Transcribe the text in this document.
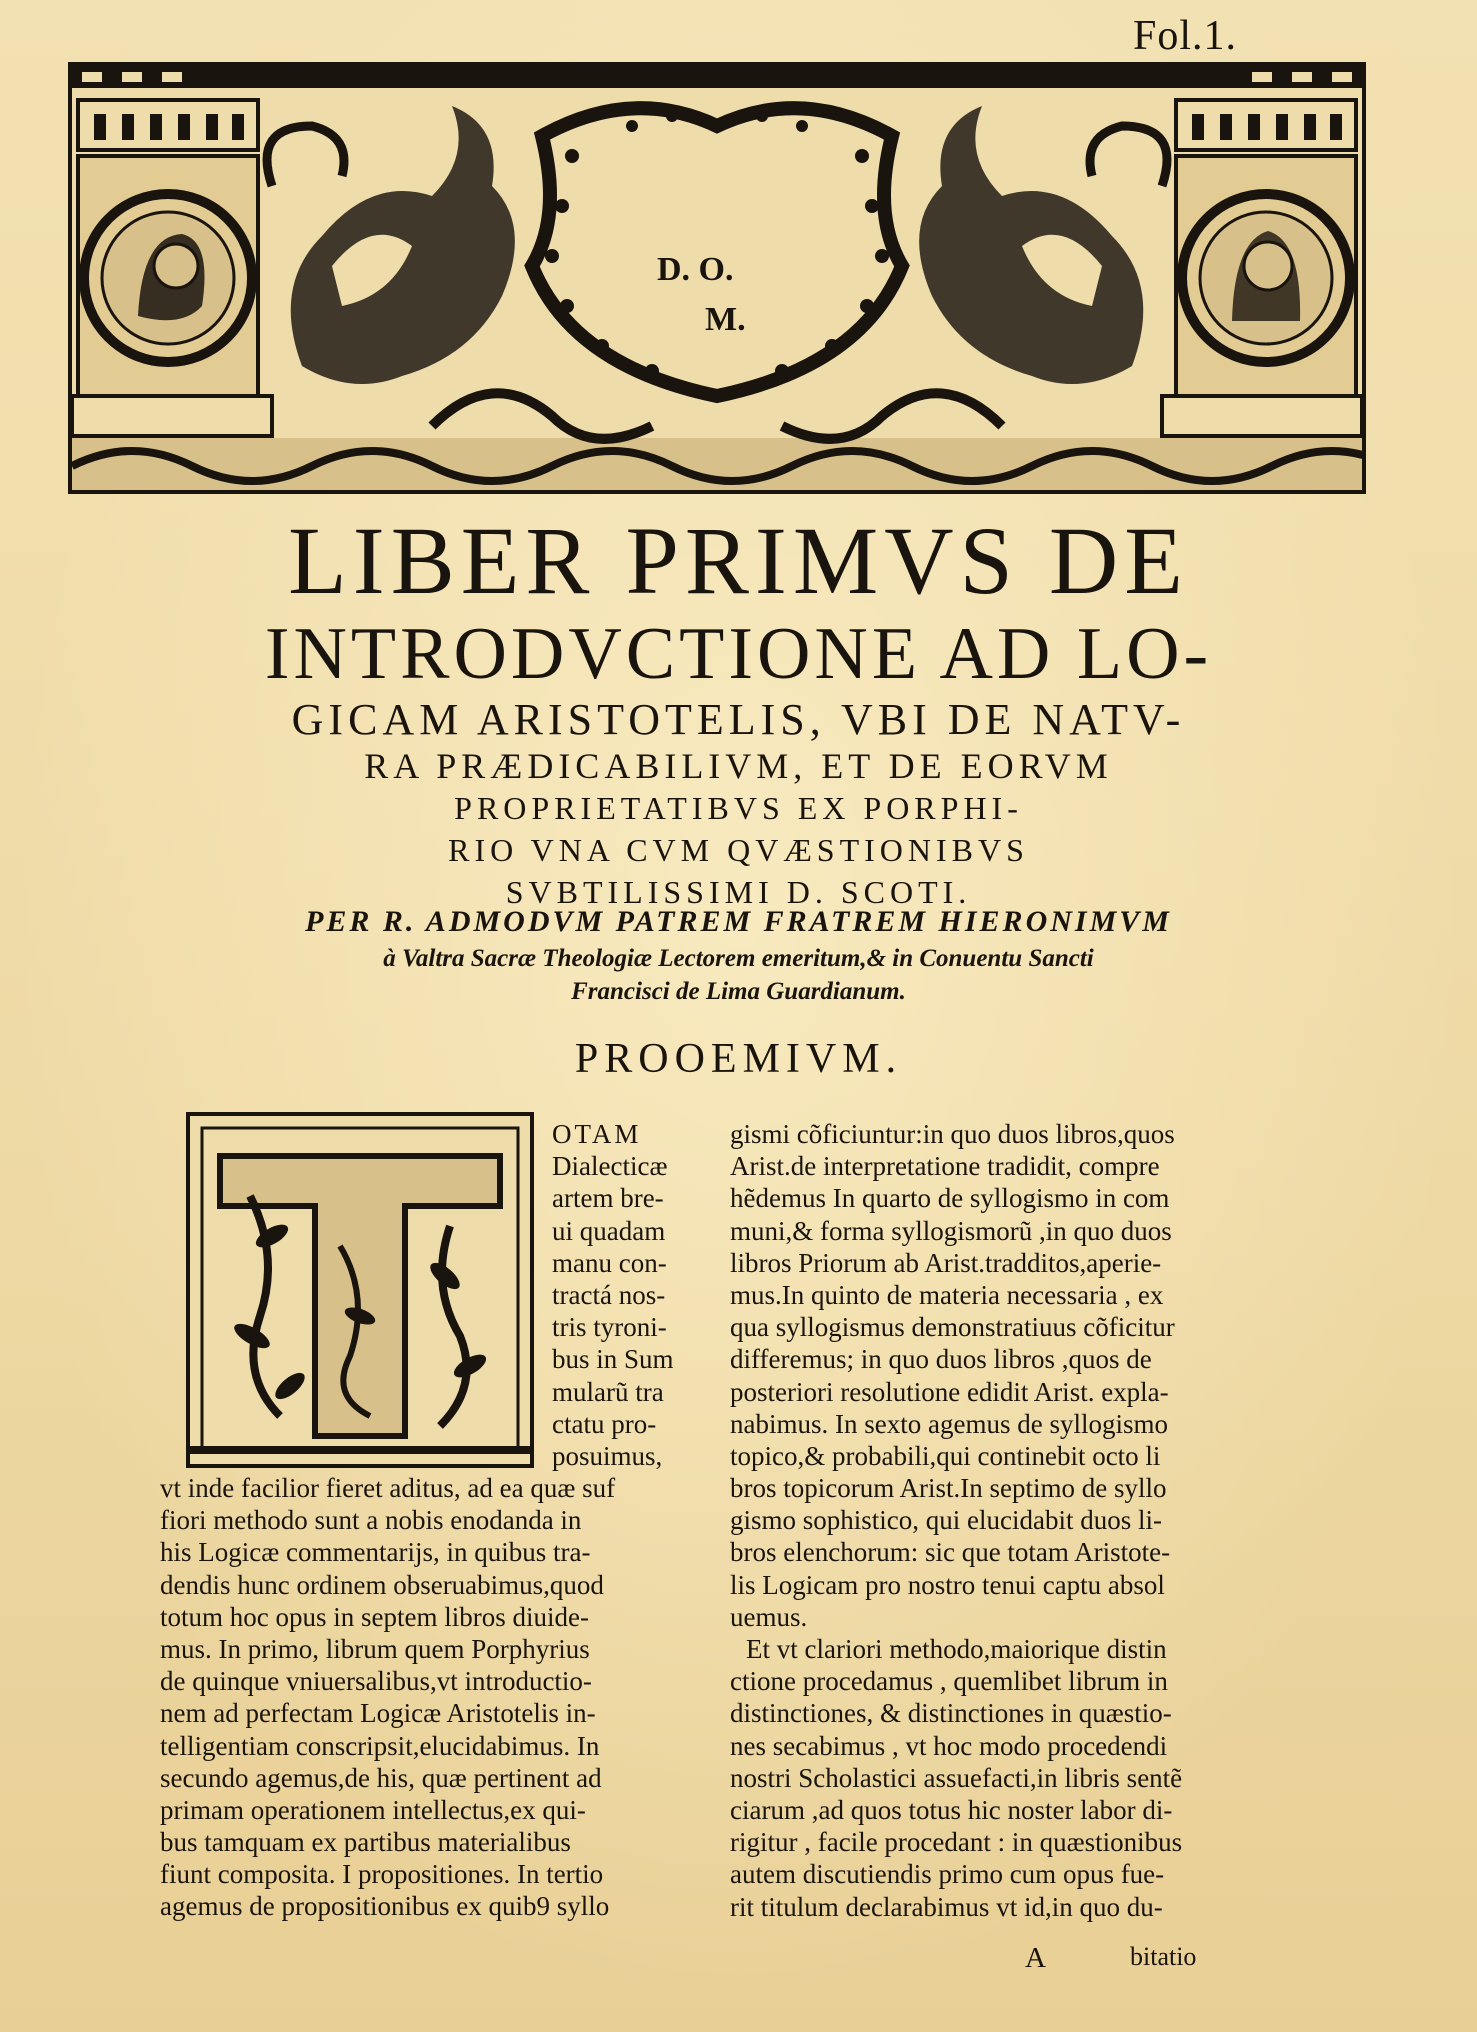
Fol.1.
D. O.
M.
LIBER PRIMVS DE
INTRODVCTIONE AD LO-
GICAM ARISTOTELIS, VBI DE NATV-
RA PRÆDICABILIVM, ET DE EORVM
PROPRIETATIBVS EX PORPHI-
RIO VNA CVM QVÆSTIONIBVS
SVBTILISSIMI D. SCOTI.
PER R. ADMODVM PATREM FRATREM HIERONIMVM
à Valtra Sacræ Theologiæ Lectorem emeritum,& in Conuentu Sancti
Francisci de Lima Guardianum.
PROOEMIVM.
OTAM
Dialecticæ
artem bre-
ui quadam
manu con-
tractá nos-
tris tyroni-
bus in Sum
mularũ tra
ctatu pro-
posuimus,
vt inde facilior fieret aditus, ad ea quæ suf
fiori methodo sunt a nobis enodanda in
his Logicæ commentarijs, in quibus tra-
dendis hunc ordinem obseruabimus,quod
totum hoc opus in septem libros diuide-
mus. In primo, librum quem Porphyrius
de quinque vniuersalibus,vt introductio-
nem ad perfectam Logicæ Aristotelis in-
telligentiam conscripsit,elucidabimus. In
secundo agemus,de his, quæ pertinent ad
primam operationem intellectus,ex qui-
bus tamquam ex partibus materialibus
fiunt composita. I propositiones. In tertio
agemus de propositionibus ex quib9 syllo
gismi cõficiuntur:in quo duos libros,quos
Arist.de interpretatione tradidit, compre
hẽdemus In quarto de syllogismo in com
muni,& forma syllogismorũ ,in quo duos
libros Priorum ab Arist.tradditos,aperie-
mus.In quinto de materia necessaria , ex
qua syllogismus demonstratiuus cõficitur
differemus; in quo duos libros ,quos de
posteriori resolutione edidit Arist. expla-
nabimus. In sexto agemus de syllogismo
topico,& probabili,qui continebit octo li
bros topicorum Arist.In septimo de syllo
gismo sophistico, qui elucidabit duos li-
bros elenchorum: sic que totam Aristote-
lis Logicam pro nostro tenui captu absol
uemus.
Et vt clariori methodo,maiorique distin
ctione procedamus , quemlibet librum in
distinctiones, & distinctiones in quæstio-
nes secabimus , vt hoc modo procedendi
nostri Scholastici assuefacti,in libris sentẽ
ciarum ,ad quos totus hic noster labor di-
rigitur , facile procedant : in quæstionibus
autem discutiendis primo cum opus fue-
rit titulum declarabimus vt id,in quo du-
A	bitatio
